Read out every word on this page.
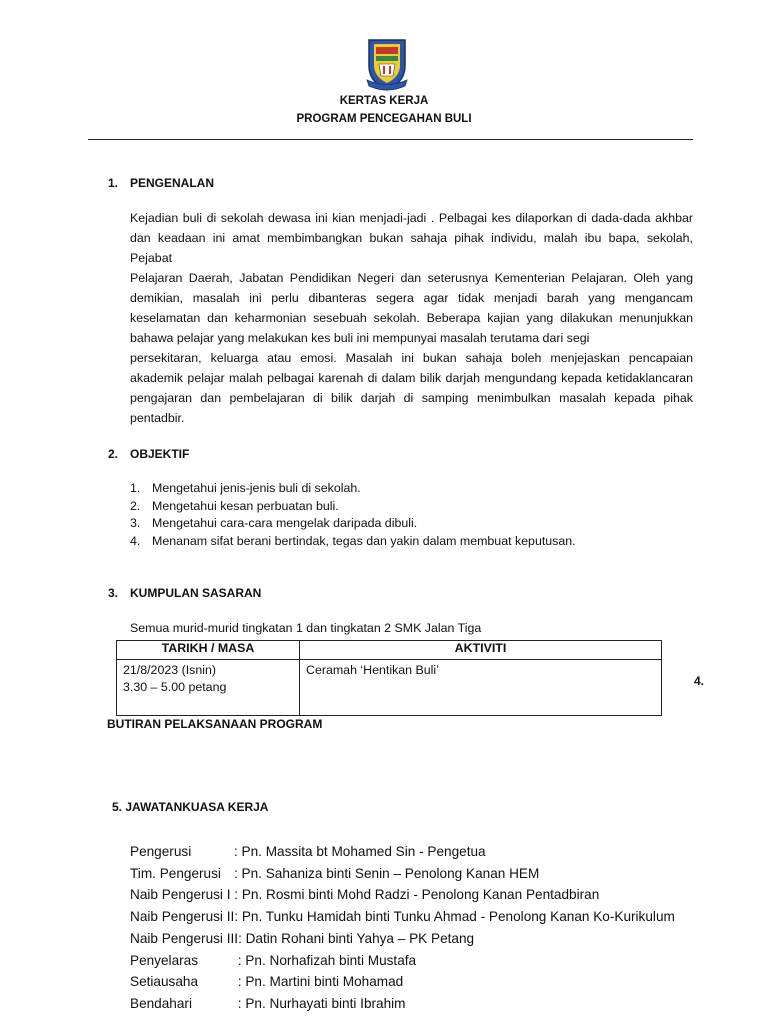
KERTAS KERJA
PROGRAM PENCEGAHAN BULI
1. PENGENALAN

Kejadian buli di sekolah dewasa ini kian menjadi-jadi . Pelbagai kes dilaporkan di dada-dada akhbar

dan keadaan ini amat membimbangkan bukan sahaja pihak individu, malah ibu bapa, sekolah,

Pejabat

Pelajaran Daerah, Jabatan Pendidikan Negeri dan seterusnya Kementerian Pelajaran. Oleh yang

demikian, masalah ini perlu dibanteras segera agar tidak menjadi barah yang mengancam

keselamatan dan keharmonian sesebuah sekolah. Beberapa kajian yang dilakukan menunjukkan

bahawa pelajar yang melakukan kes buli ini mempunyai masalah terutama dari segi

persekitaran, keluarga atau emosi. Masalah ini bukan sahaja boleh menjejaskan pencapaian

akademik pelajar malah pelbagai karenah di dalam bilik darjah mengundang kepada ketidaklancaran

pengajaran dan pembelajaran di bilik darjah di samping menimbulkan masalah kepada pihak

pentadbir.

2. OBJEKTIF
1. Mengetahui jenis-jenis buli di sekolah.
2. Mengetahui kesan perbuatan buli.
3. Mengetahui cara-cara mengelak daripada dibuli.
4. Menanam sifat berani bertindak, tegas dan yakin dalam membuat keputusan.
3. KUMPULAN SASARAN
Semua murid-murid tingkatan 1 dan tingkatan 2 SMK Jalan Tiga
TARIKH / MASA	AKTIVITI

21/8/2023 (Isnin)
3.30 – 5.00 petang	Ceramah ‘Hentikan Buli’
4.
BUTIRAN PELAKSANAAN PROGRAM
5. JAWATANKUASA KERJA
Pengerusi	: Pn. Massita bt Mohamed Sin - Pengetua
Tim. Pengerusi : Pn. Sahaniza binti Senin – Penolong Kanan HEM
Naib Pengerusi I : Pn. Rosmi binti Mohd Radzi - Penolong Kanan Pentadbiran
Naib Pengerusi II: Pn. Tunku Hamidah binti Tunku Ahmad - Penolong Kanan Ko-Kurikulum
Naib Pengerusi III: Datin Rohani binti Yahya – PK Petang
Penyelaras	: Pn. Norhafizah binti Mustafa
Setiausaha	: Pn. Martini binti Mohamad
Bendahari	: Pn. Nurhayati binti Ibrahim
